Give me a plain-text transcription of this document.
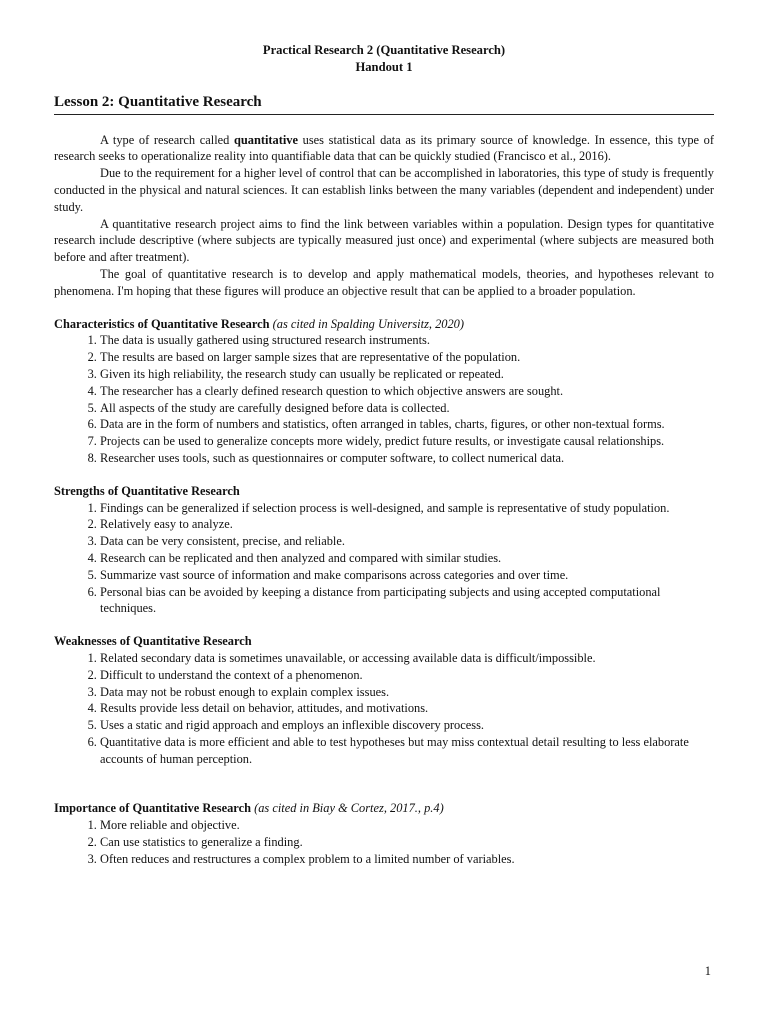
Practical Research 2 (Quantitative Research)
Handout 1
Lesson 2: Quantitative Research

A type of research called quantitative uses statistical data as its primary source of knowledge. In essence, this type of research seeks to operationalize reality into quantifiable data that can be quickly studied (Francisco et al., 2016).

Due to the requirement for a higher level of control that can be accomplished in laboratories, this type of study is frequently conducted in the physical and natural sciences. It can establish links between the many variables (dependent and independent) under study.

A quantitative research project aims to find the link between variables within a population. Design types for quantitative research include descriptive (where subjects are typically measured just once) and experimental (where subjects are measured both before and after treatment).

The goal of quantitative research is to develop and apply mathematical models, theories, and hypotheses relevant to phenomena. I'm hoping that these figures will produce an objective result that can be applied to a broader population.

Characteristics of Quantitative Research (as cited in Spalding Universitz, 2020)
1. The data is usually gathered using structured research instruments.
2. The results are based on larger sample sizes that are representative of the population.
3. Given its high reliability, the research study can usually be replicated or repeated.
4. The researcher has a clearly defined research question to which objective answers are sought.
5. All aspects of the study are carefully designed before data is collected.
6. Data are in the form of numbers and statistics, often arranged in tables, charts, figures, or other non-textual forms.
7. Projects can be used to generalize concepts more widely, predict future results, or investigate causal relationships.
8. Researcher uses tools, such as questionnaires or computer software, to collect numerical data.
Strengths of Quantitative Research
1. Findings can be generalized if selection process is well-designed, and sample is representative of study population.
2. Relatively easy to analyze.
3. Data can be very consistent, precise, and reliable.
4. Research can be replicated and then analyzed and compared with similar studies.
5. Summarize vast source of information and make comparisons across categories and over time.
6. Personal bias can be avoided by keeping a distance from participating subjects and using accepted computational techniques.
Weaknesses of Quantitative Research
1. Related secondary data is sometimes unavailable, or accessing available data is difficult/impossible.
2. Difficult to understand the context of a phenomenon.
3. Data may not be robust enough to explain complex issues.
4. Results provide less detail on behavior, attitudes, and motivations.
5. Uses a static and rigid approach and employs an inflexible discovery process.
6. Quantitative data is more efficient and able to test hypotheses but may miss contextual detail resulting to less elaborate accounts of human perception.
Importance of Quantitative Research (as cited in Biay & Cortez, 2017., p.4)
1. More reliable and objective.
2. Can use statistics to generalize a finding.
3. Often reduces and restructures a complex problem to a limited number of variables.
1
